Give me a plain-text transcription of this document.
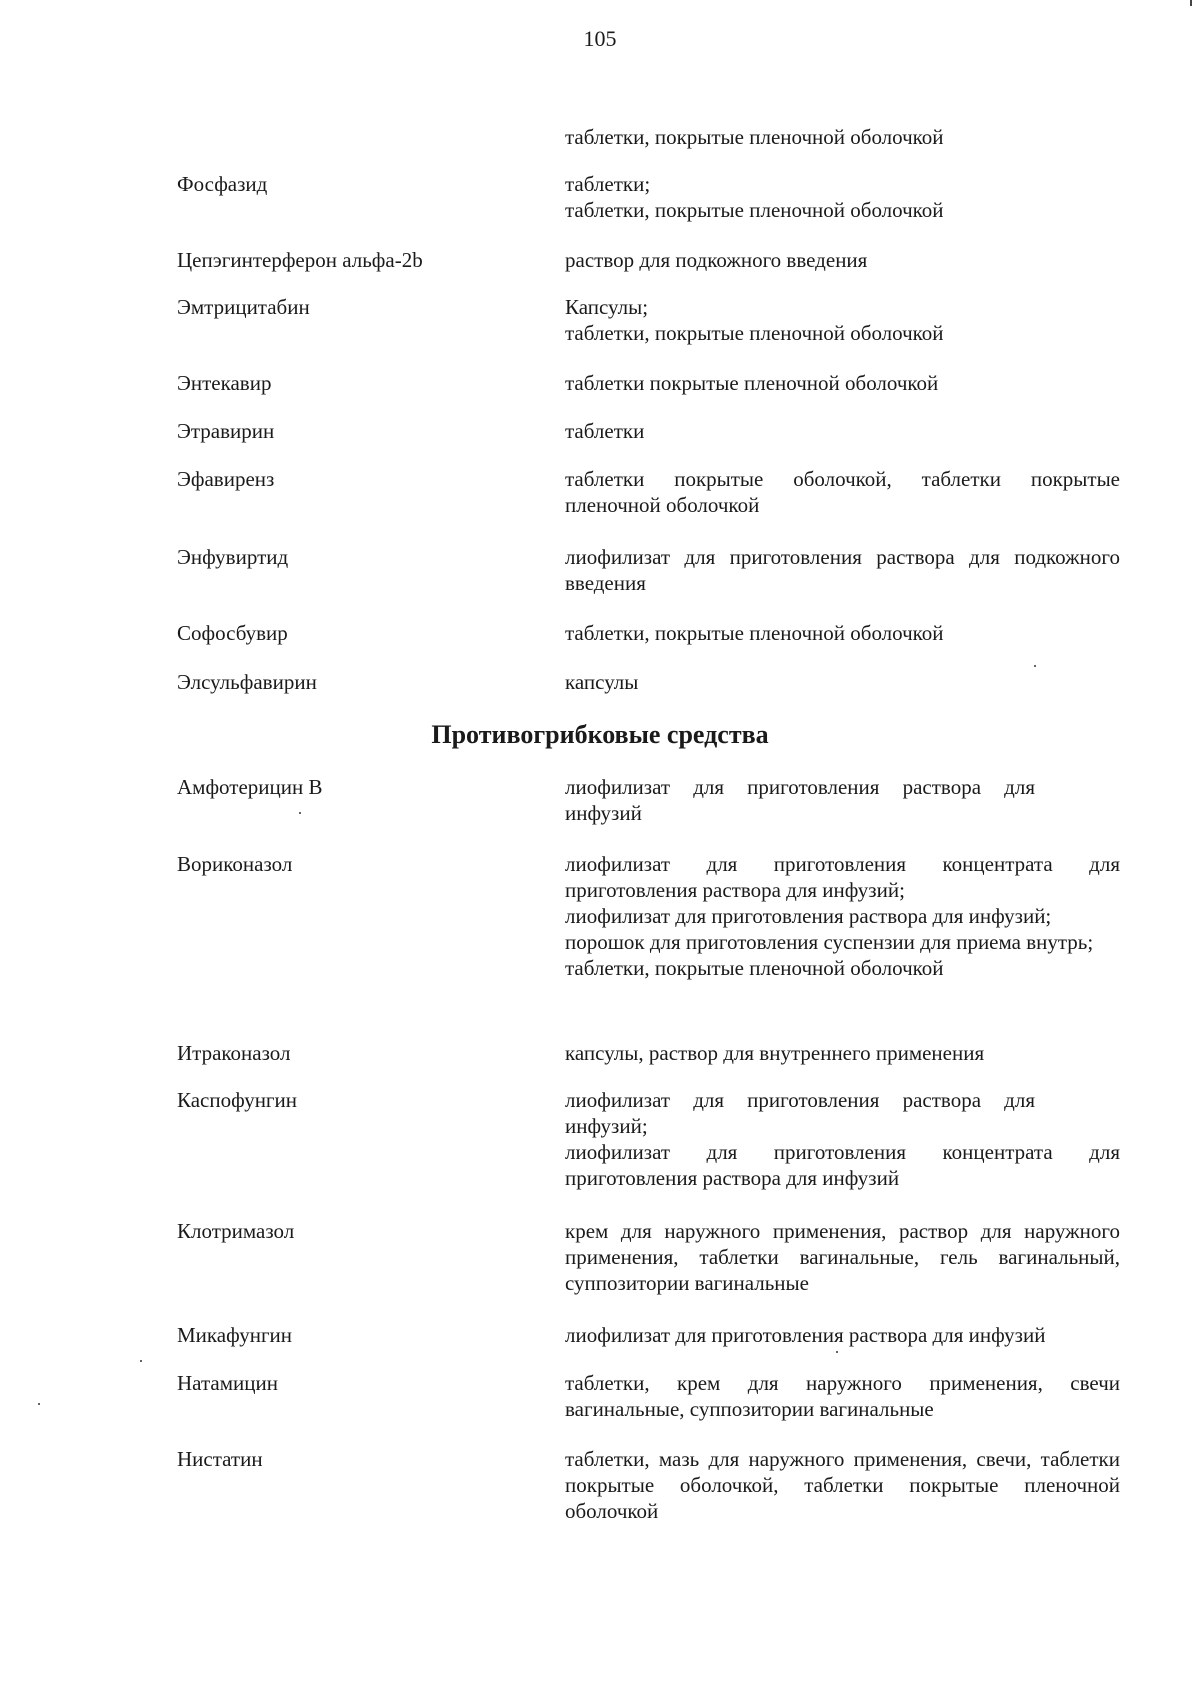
105
таблетки, покрытые пленочной оболочкой
Фосфазид	таблетки;
таблетки, покрытые пленочной оболочкой
Цепэгинтерферон альфа-2b	раствор для подкожного введения
Эмтрицитабин	Капсулы;
таблетки, покрытые пленочной оболочкой
Энтекавир	таблетки покрытые пленочной оболочкой
Этравирин	таблетки
Эфавиренз	таблетки покрытые оболочкой, таблетки покрытые пленочной оболочкой
Энфувиртид	лиофилизат для приготовления раствора для подкожного введения
Софосбувир	таблетки, покрытые пленочной оболочкой
Элсульфавирин	капсулы
Противогрибковые средства
Амфотерицин В	лиофилизат для приготовления раствора для инфузий
Вориконазол	лиофилизат для приготовления концентрата для приготовления раствора для инфузий;
лиофилизат для приготовления раствора для инфузий;
порошок для приготовления суспензии для приема внутрь;
таблетки, покрытые пленочной оболочкой
Итраконазол	капсулы, раствор для внутреннего применения
Каспофунгин	лиофилизат для приготовления раствора для инфузий;
лиофилизат для приготовления концентрата для приготовления раствора для инфузий
Клотримазол	крем для наружного применения, раствор для наружного применения, таблетки вагинальные, гель вагинальный, суппозитории вагинальные
Микафунгин	лиофилизат для приготовления раствора для инфузий
Натамицин	таблетки, крем для наружного применения, свечи вагинальные, суппозитории вагинальные
Нистатин	таблетки, мазь для наружного применения, свечи, таблетки покрытые оболочкой, таблетки покрытые пленочной оболочкой
